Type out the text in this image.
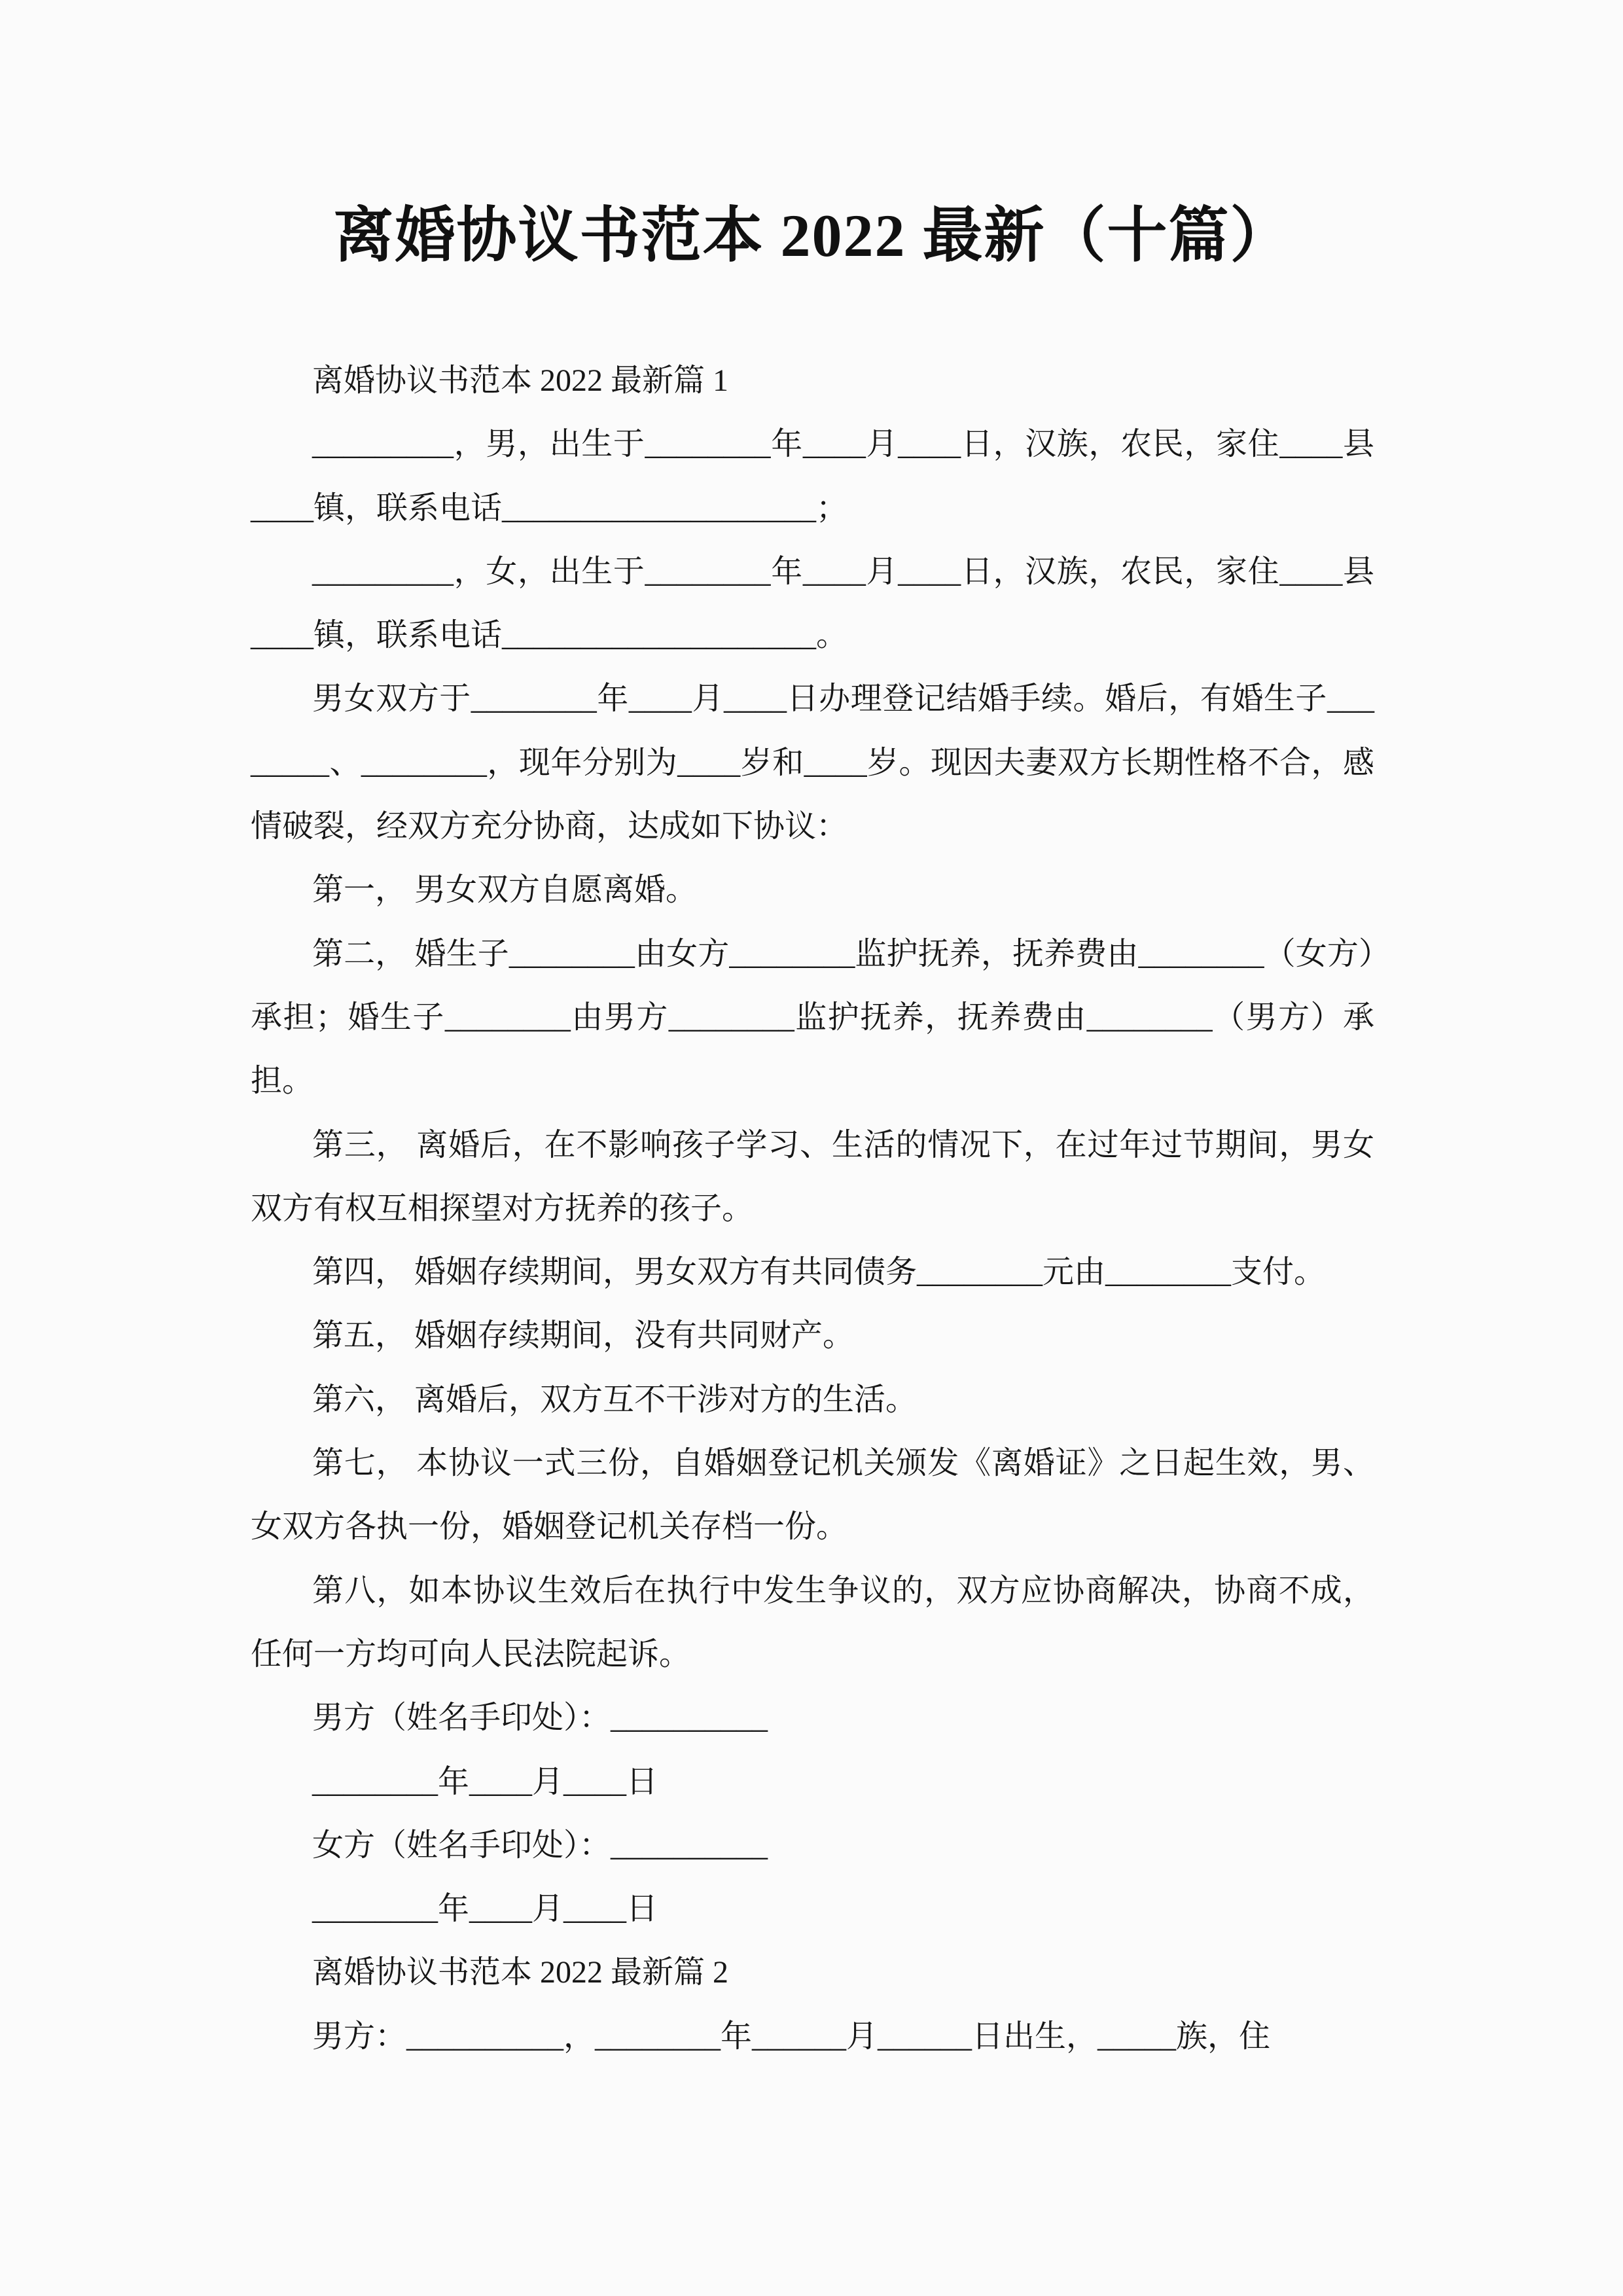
离婚协议书范本 2022 最新（十篇）

离婚协议书范本 2022 最新篇 1

_________，男，出生于________年____月____日，汉族，农民，家住____县____镇，联系电话____________________；

_________，女，出生于________年____月____日，汉族，农民，家住____县____镇，联系电话____________________。

男女双方于________年____月____日办理登记结婚手续。婚后，有婚生子________、________，现年分别为____岁和____岁。现因夫妻双方长期性格不合，感情破裂，经双方充分协商，达成如下协议：

第一， 男女双方自愿离婚。

第二， 婚生子________由女方________监护抚养，抚养费由________（女方）承担；婚生子________由男方________监护抚养，抚养费由________（男方）承担。

第三， 离婚后，在不影响孩子学习、生活的情况下，在过年过节期间，男女双方有权互相探望对方抚养的孩子。

第四， 婚姻存续期间，男女双方有共同债务________元由________支付。

第五， 婚姻存续期间，没有共同财产。

第六， 离婚后，双方互不干涉对方的生活。

第七， 本协议一式三份，自婚姻登记机关颁发《离婚证》之日起生效，男、女双方各执一份，婚姻登记机关存档一份。

第八，如本协议生效后在执行中发生争议的，双方应协商解决，协商不成，任何一方均可向人民法院起诉。

男方（姓名手印处）：__________

________年____月____日

女方（姓名手印处）：__________

________年____月____日

离婚协议书范本 2022 最新篇 2

男方：__________，________年______月______日出生，_____族，住
